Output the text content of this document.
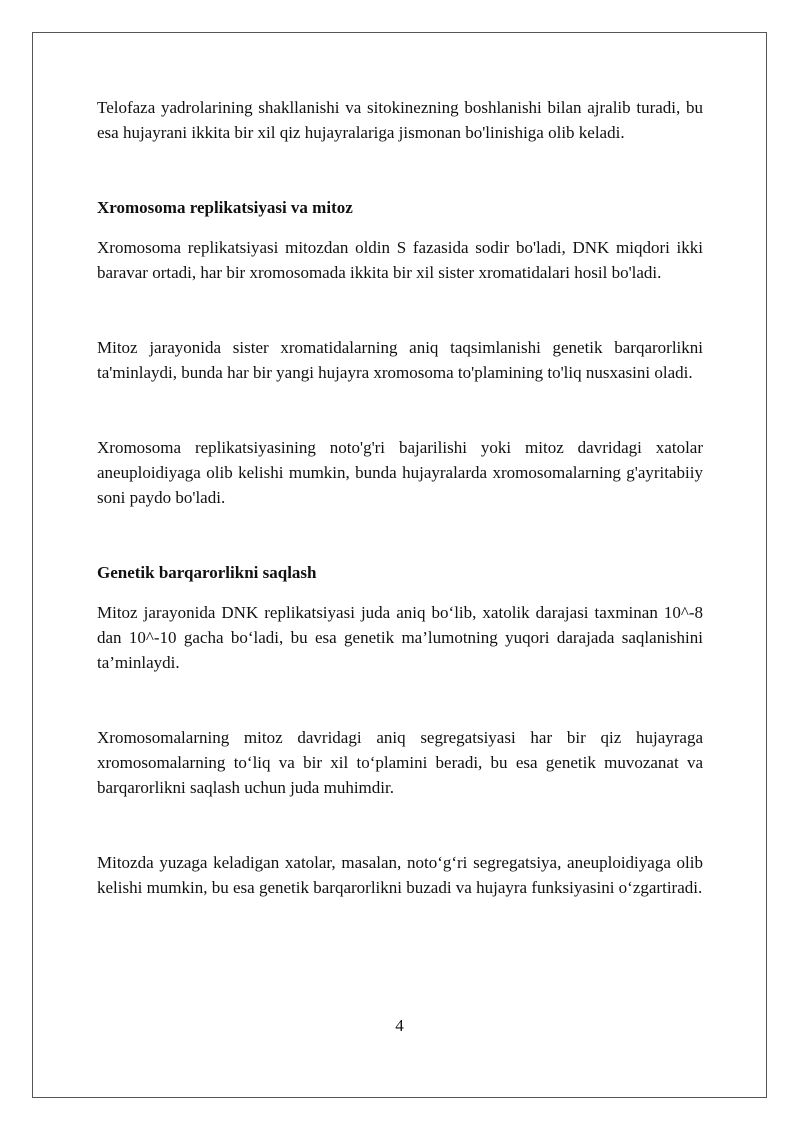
Telofaza yadrolarining shakllanishi va sitokinezning boshlanishi bilan ajralib turadi, bu esa hujayrani ikkita bir xil qiz hujayralariga jismonan bo'linishiga olib keladi.

Xromosoma replikatsiyasi va mitoz

Xromosoma replikatsiyasi mitozdan oldin S fazasida sodir bo'ladi, DNK miqdori ikki baravar ortadi, har bir xromosomada ikkita bir xil sister xromatidalari hosil bo'ladi.

Mitoz jarayonida sister xromatidalarning aniq taqsimlanishi genetik barqarorlikni ta'minlaydi, bunda har bir yangi hujayra xromosoma to'plamining to'liq nusxasini oladi.

Xromosoma replikatsiyasining noto'g'ri bajarilishi yoki mitoz davridagi xatolar aneuploidiyaga olib kelishi mumkin, bunda hujayralarda xromosomalarning g'ayritabiiy soni paydo bo'ladi.

Genetik barqarorlikni saqlash

Mitoz jarayonida DNK replikatsiyasi juda aniq bo‘lib, xatolik darajasi taxminan 10^-8 dan 10^-10 gacha bo‘ladi, bu esa genetik ma’lumotning yuqori darajada saqlanishini ta’minlaydi.

Xromosomalarning mitoz davridagi aniq segregatsiyasi har bir qiz hujayraga xromosomalarning to‘liq va bir xil to‘plamini beradi, bu esa genetik muvozanat va barqarorlikni saqlash uchun juda muhimdir.

Mitozda yuzaga keladigan xatolar, masalan, noto‘g‘ri segregatsiya, aneuploidiyaga olib kelishi mumkin, bu esa genetik barqarorlikni buzadi va hujayra funksiyasini o‘zgartiradi.

4
